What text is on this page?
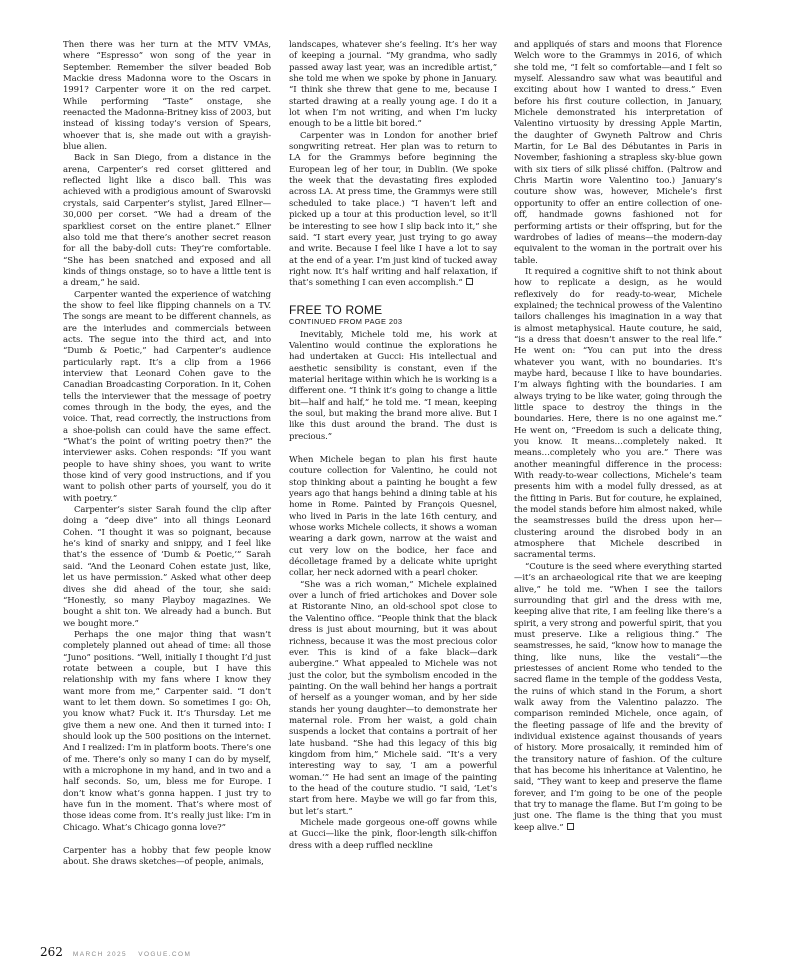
Then there was her turn at the MTV VMAs, where “Espresso” won song of the year in September. Remember the silver beaded Bob Mackie dress Madonna wore to the Oscars in 1991? Carpenter wore it on the red carpet. While performing “Taste” onstage, she reenacted the Madonna-Britney kiss of 2003, but instead of kissing today’s version of Spears, whoever that is, she made out with a grayish-blue alien.

Back in San Diego, from a distance in the arena, Carpenter’s red corset glittered and reflected light like a disco ball. This was achieved with a prodigious amount of Swarovski crystals, said Carpenter’s stylist, Jared Ellner—30,000 per corset. “We had a dream of the sparkliest corset on the entire planet.” Ellner also told me that there’s another secret reason for all the baby-doll cuts: They’re comfortable. “She has been snatched and exposed and all kinds of things onstage, so to have a little tent is a dream,” he said.

Carpenter wanted the experience of watching the show to feel like flipping channels on a TV. The songs are meant to be different channels, as are the interludes and commercials between acts. The segue into the third act, and into “Dumb & Poetic,” had Carpenter’s audience particularly rapt. It’s a clip from a 1966 interview that Leonard Cohen gave to the Canadian Broadcasting Corporation. In it, Cohen tells the interviewer that the message of poetry comes through in the body, the eyes, and the voice. That, read correctly, the instructions from a shoe-polish can could have the same effect. “What’s the point of writing poetry then?” the interviewer asks. Cohen responds: “If you want people to have shiny shoes, you want to write those kind of very good instructions, and if you want to polish other parts of yourself, you do it with poetry.”

Carpenter’s sister Sarah found the clip after doing a “deep dive” into all things Leonard Cohen. “I thought it was so poignant, because he’s kind of snarky and snippy, and I feel like that’s the essence of ‘Dumb & Poetic,’” Sarah said. “And the Leonard Cohen estate just, like, let us have permission.” Asked what other deep dives she did ahead of the tour, she said: “Honestly, so many Playboy magazines. We bought a shit ton. We already had a bunch. But we bought more.”

Perhaps the one major thing that wasn’t completely planned out ahead of time: all those “Juno” positions. “Well, initially I thought I’d just rotate between a couple, but I have this relationship with my fans where I know they want more from me,” Carpenter said. “I don’t want to let them down. So sometimes I go: Oh, you know what? Fuck it. It’s Thursday. Let me give them a new one. And then it turned into: I should look up the 500 positions on the internet. And I realized: I’m in platform boots. There’s one of me. There’s only so many I can do by myself, with a microphone in my hand, and in two and a half seconds. So, um, bless me for Europe. I don’t know what’s gonna happen. I just try to have fun in the moment. That’s where most of those ideas come from. It’s really just like: I’m in Chicago. What’s Chicago gonna love?”

Carpenter has a hobby that few people know about. She draws sketches—of people, animals,

landscapes, whatever she’s feeling. It’s her way of keeping a journal. “My grandma, who sadly passed away last year, was an incredible artist,” she told me when we spoke by phone in January. “I think she threw that gene to me, because I started drawing at a really young age. I do it a lot when I’m not writing, and when I’m lucky enough to be a little bit bored.”

Carpenter was in London for another brief songwriting retreat. Her plan was to return to LA for the Grammys before beginning the European leg of her tour, in Dublin. (We spoke the week that the devastating fires exploded across LA. At press time, the Grammys were still scheduled to take place.) “I haven’t left and picked up a tour at this production level, so it’ll be interesting to see how I slip back into it,” she said. “I start every year, just trying to go away and write. Because I feel like I have a lot to say at the end of a year. I’m just kind of tucked away right now. It’s half writing and half relaxation, if that’s something I can even accomplish.”

FREE TO ROME
CONTINUED FROM PAGE 203

Inevitably, Michele told me, his work at Valentino would continue the explorations he had undertaken at Gucci: His intellectual and aesthetic sensibility is constant, even if the material heritage within which he is working is a different one. “I think it’s going to change a little bit—half and half,” he told me. “I mean, keeping the soul, but making the brand more alive. But I like this dust around the brand. The dust is precious.”

When Michele began to plan his first haute couture collection for Valentino, he could not stop thinking about a painting he bought a few years ago that hangs behind a dining table at his home in Rome. Painted by François Quesnel, who lived in Paris in the late 16th century, and whose works Michele collects, it shows a woman wearing a dark gown, narrow at the waist and cut very low on the bodice, her face and décolletage framed by a delicate white upright collar, her neck adorned with a pearl choker.

“She was a rich woman,” Michele explained over a lunch of fried artichokes and Dover sole at Ristorante Nino, an old-school spot close to the Valentino office. “People think that the black dress is just about mourning, but it was about richness, because it was the most precious color ever. This is kind of a fake black—dark aubergine.” What appealed to Michele was not just the color, but the symbolism encoded in the painting. On the wall behind her hangs a portrait of herself as a younger woman, and by her side stands her young daughter—to demonstrate her maternal role. From her waist, a gold chain suspends a locket that contains a portrait of her late husband. “She had this legacy of this big kingdom from him,” Michele said. “It’s a very interesting way to say, ‘I am a powerful woman.’” He had sent an image of the painting to the head of the couture studio. “I said, ‘Let’s start from here. Maybe we will go far from this, but let’s start.”

Michele made gorgeous one-off gowns while at Gucci—like the pink, floor-length silk-chiffon dress with a deep ruffled neckline

and appliqués of stars and moons that Florence Welch wore to the Grammys in 2016, of which she told me, “I felt so comfortable—and I felt so myself. Alessandro saw what was beautiful and exciting about how I wanted to dress.” Even before his first couture collection, in January, Michele demonstrated his interpretation of Valentino virtuosity by dressing Apple Martin, the daughter of Gwyneth Paltrow and Chris Martin, for Le Bal des Débutantes in Paris in November, fashioning a strapless sky-blue gown with six tiers of silk plissé chiffon. (Paltrow and Chris Martin wore Valentino too.) January’s couture show was, however, Michele’s first opportunity to offer an entire collection of one-off, handmade gowns fashioned not for performing artists or their offspring, but for the wardrobes of ladies of means—the modern-day equivalent to the woman in the portrait over his table.

It required a cognitive shift to not think about how to replicate a design, as he would reflexively do for ready-to-wear, Michele explained; the technical prowess of the Valentino tailors challenges his imagination in a way that is almost metaphysical. Haute couture, he said, “is a dress that doesn’t answer to the real life.” He went on: “You can put into the dress whatever you want, with no boundaries. It’s maybe hard, because I like to have boundaries. I’m always fighting with the boundaries. I am always trying to be like water, going through the little space to destroy the things in the boundaries. Here, there is no one against me.” He went on, “Freedom is such a delicate thing, you know. It means…completely naked. It means…completely who you are.” There was another meaningful difference in the process: With ready-to-wear collections, Michele’s team presents him with a model fully dressed, as at the fitting in Paris. But for couture, he explained, the model stands before him almost naked, while the seamstresses build the dress upon her—clustering around the disrobed body in an atmosphere that Michele described in sacramental terms.

“Couture is the seed where everything started—it’s an archaeological rite that we are keeping alive,” he told me. “When I see the tailors surrounding that girl and the dress with me, keeping alive that rite, I am feeling like there’s a spirit, a very strong and powerful spirit, that you must preserve. Like a religious thing.” The seamstresses, he said, “know how to manage the thing, like nuns, like the vestali”—the priestesses of ancient Rome who tended to the sacred flame in the temple of the goddess Vesta, the ruins of which stand in the Forum, a short walk away from the Valentino palazzo. The comparison reminded Michele, once again, of the fleeting passage of life and the brevity of individual existence against thousands of years of history. More prosaically, it reminded him of the transitory nature of fashion. Of the culture that has become his inheritance at Valentino, he said, “They want to keep and preserve the flame forever, and I’m going to be one of the people that try to manage the flame. But I’m going to be just one. The flame is the thing that you must keep alive.”

262 MARCH 2025 VOGUE.COM
